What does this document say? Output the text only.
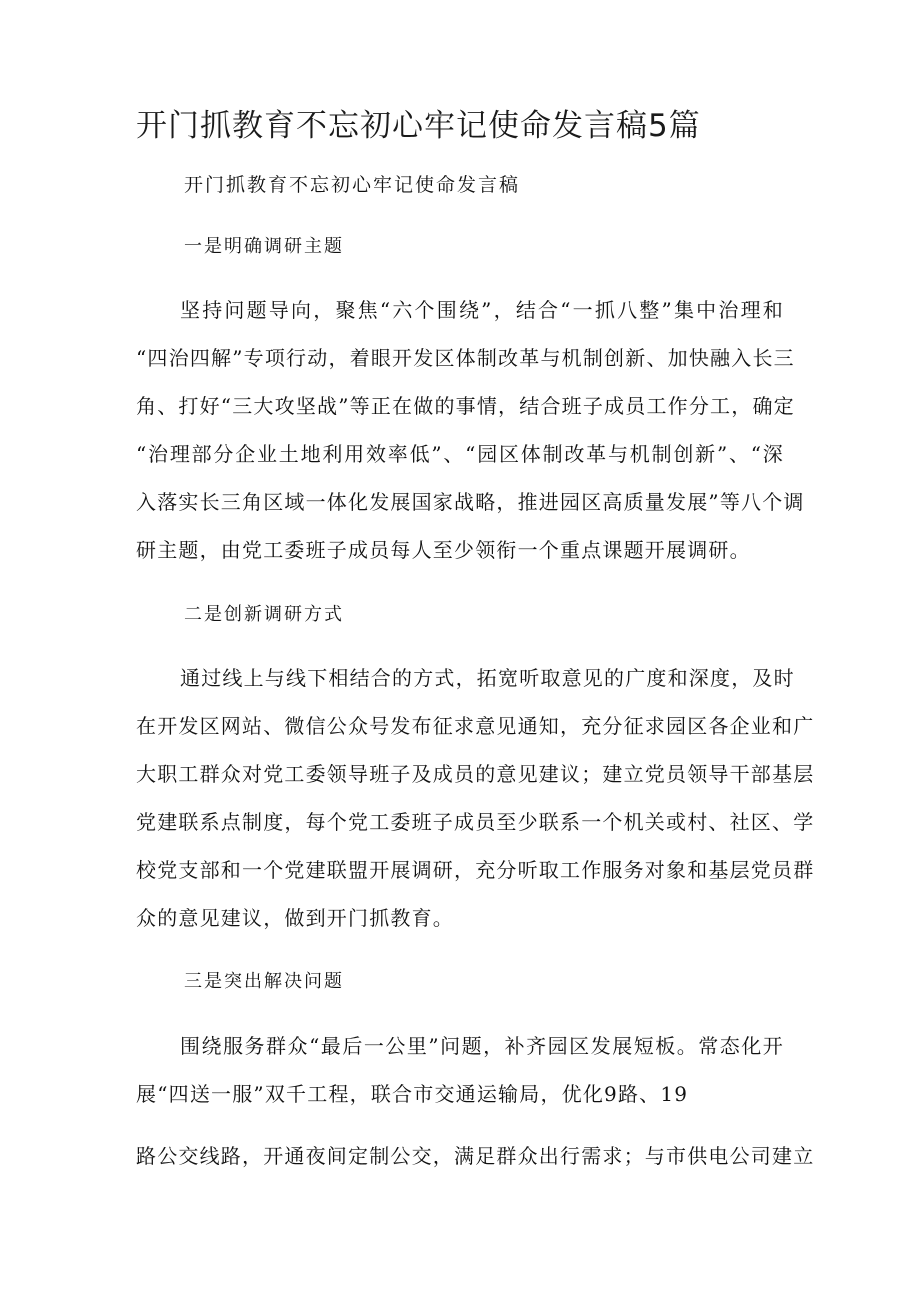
开门抓教育不忘初心牢记使命发言稿5篇
开门抓教育不忘初心牢记使命发言稿
一是明确调研主题
坚持问题导向，聚焦“六个围绕”，结合“一抓八整”集中治理和
“四治四解”专项行动，着眼开发区体制改革与机制创新、加快融入长三
角、打好“三大攻坚战”等正在做的事情，结合班子成员工作分工，确定
“治理部分企业土地利用效率低”、“园区体制改革与机制创新”、“深
入落实长三角区域一体化发展国家战略，推进园区高质量发展”等八个调
研主题，由党工委班子成员每人至少领衔一个重点课题开展调研。
二是创新调研方式
通过线上与线下相结合的方式，拓宽听取意见的广度和深度，及时
在开发区网站、微信公众号发布征求意见通知，充分征求园区各企业和广
大职工群众对党工委领导班子及成员的意见建议；建立党员领导干部基层
党建联系点制度，每个党工委班子成员至少联系一个机关或村、社区、学
校党支部和一个党建联盟开展调研，充分听取工作服务对象和基层党员群
众的意见建议，做到开门抓教育。
三是突出解决问题
围绕服务群众“最后一公里”问题，补齐园区发展短板。常态化开
展“四送一服”双千工程，联合市交通运输局，优化9路、19
路公交线路，开通夜间定制公交，满足群众出行需求；与市供电公司建立
